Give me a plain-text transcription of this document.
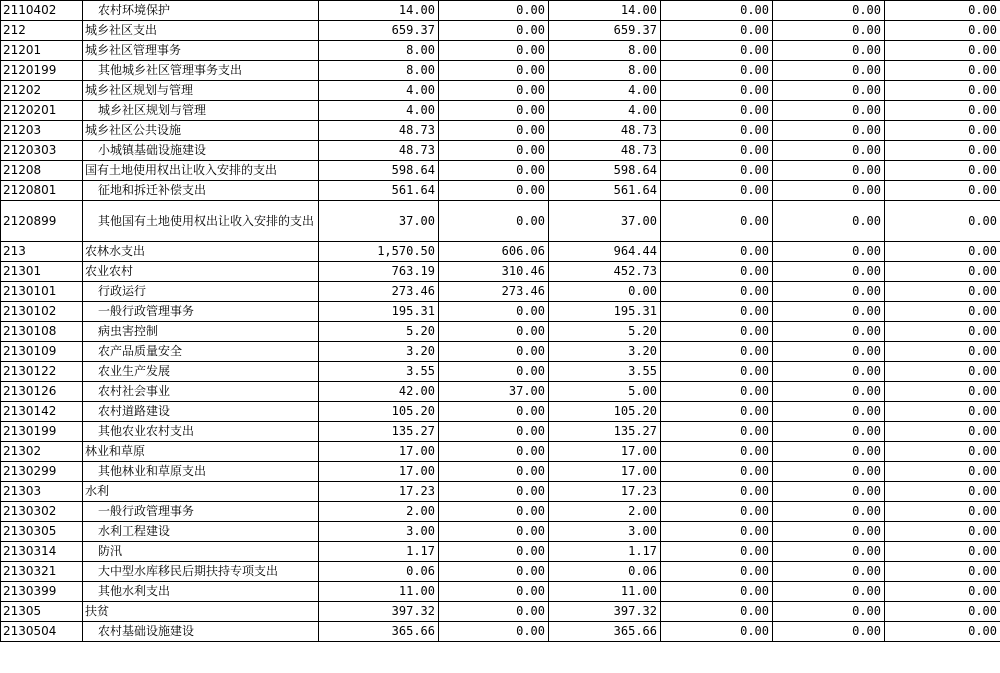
2110402	农村环境保护	14.00	0.00	14.00	0.00	0.00	0.00
212	城乡社区支出	659.37	0.00	659.37	0.00	0.00	0.00
21201	城乡社区管理事务	8.00	0.00	8.00	0.00	0.00	0.00
2120199	其他城乡社区管理事务支出	8.00	0.00	8.00	0.00	0.00	0.00
21202	城乡社区规划与管理	4.00	0.00	4.00	0.00	0.00	0.00
2120201	城乡社区规划与管理	4.00	0.00	4.00	0.00	0.00	0.00
21203	城乡社区公共设施	48.73	0.00	48.73	0.00	0.00	0.00
2120303	小城镇基础设施建设	48.73	0.00	48.73	0.00	0.00	0.00
21208	国有土地使用权出让收入安排的支出	598.64	0.00	598.64	0.00	0.00	0.00
2120801	征地和拆迁补偿支出	561.64	0.00	561.64	0.00	0.00	0.00
2120899	其他国有土地使用权出让收入安排的支出	37.00	0.00	37.00	0.00	0.00	0.00
213	农林水支出	1,570.50	606.06	964.44	0.00	0.00	0.00
21301	农业农村	763.19	310.46	452.73	0.00	0.00	0.00
2130101	行政运行	273.46	273.46	0.00	0.00	0.00	0.00
2130102	一般行政管理事务	195.31	0.00	195.31	0.00	0.00	0.00
2130108	病虫害控制	5.20	0.00	5.20	0.00	0.00	0.00
2130109	农产品质量安全	3.20	0.00	3.20	0.00	0.00	0.00
2130122	农业生产发展	3.55	0.00	3.55	0.00	0.00	0.00
2130126	农村社会事业	42.00	37.00	5.00	0.00	0.00	0.00
2130142	农村道路建设	105.20	0.00	105.20	0.00	0.00	0.00
2130199	其他农业农村支出	135.27	0.00	135.27	0.00	0.00	0.00
21302	林业和草原	17.00	0.00	17.00	0.00	0.00	0.00
2130299	其他林业和草原支出	17.00	0.00	17.00	0.00	0.00	0.00
21303	水利	17.23	0.00	17.23	0.00	0.00	0.00
2130302	一般行政管理事务	2.00	0.00	2.00	0.00	0.00	0.00
2130305	水利工程建设	3.00	0.00	3.00	0.00	0.00	0.00
2130314	防汛	1.17	0.00	1.17	0.00	0.00	0.00
2130321	大中型水库移民后期扶持专项支出	0.06	0.00	0.06	0.00	0.00	0.00
2130399	其他水利支出	11.00	0.00	11.00	0.00	0.00	0.00
21305	扶贫	397.32	0.00	397.32	0.00	0.00	0.00
2130504	农村基础设施建设	365.66	0.00	365.66	0.00	0.00	0.00
